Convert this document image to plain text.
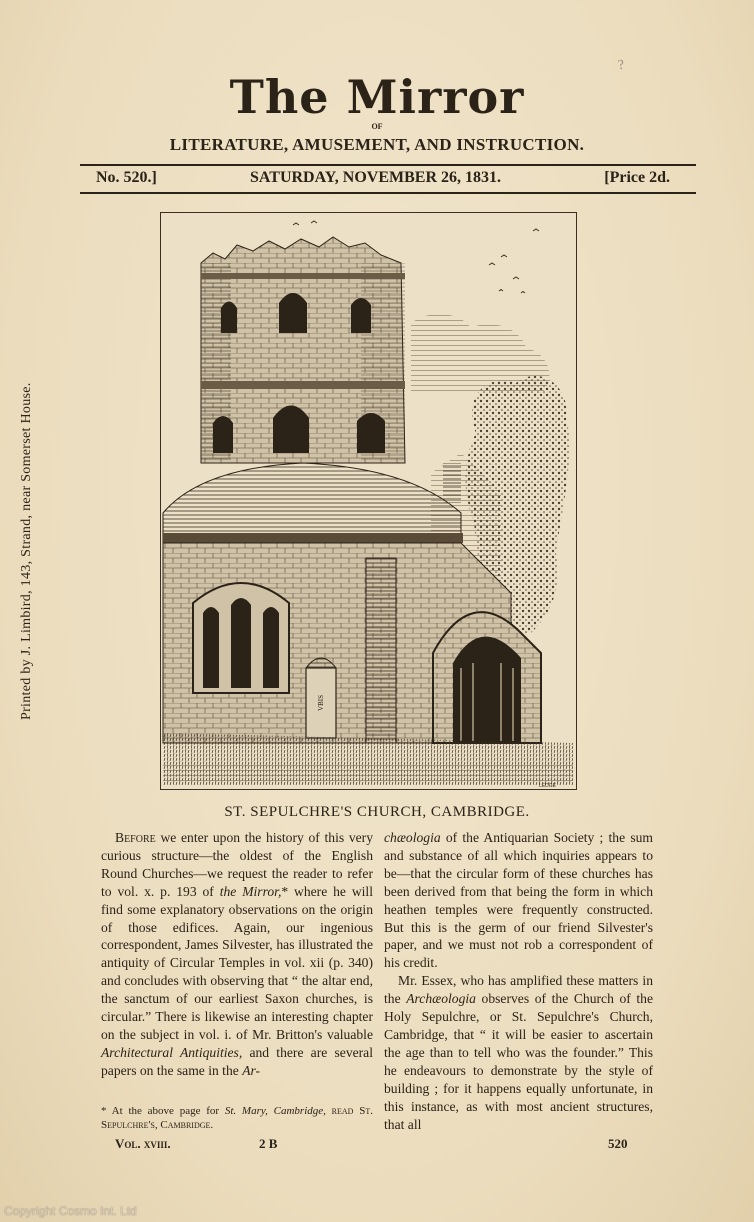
?
The Mirror
OF
LITERATURE, AMUSEMENT, AND INSTRUCTION.
No. 520.]	SATURDAY, NOVEMBER 26, 1831.	[Price 2d.
Printed by J. Limbird, 143, Strand, near Somerset House.	VBIS
LEDGE
ST. SEPULCHRE'S CHURCH, CAMBRIDGE.

Before we enter upon the history of this very curious structure—the oldest of the English Round Churches—we request the reader to refer to vol. x. p. 193 of the Mirror,* where he will find some explanatory observations on the origin of those edifices. Again, our ingenious correspondent, James Silvester, has illustrated the antiquity of Circular Temples in vol. xii (p. 340) and concludes with observing that “ the altar end, the sanctum of our earliest Saxon churches, is circular.” There is likewise an interesting chapter on the subject in vol. i. of Mr. Britton's valuable Architectural Antiquities, and there are several papers on the same in the Ar-

chæologia of the Antiquarian Society ; the sum and substance of all which inquiries appears to be—that the circular form of these churches has been derived from that being the form in which heathen temples were frequently constructed. But this is the germ of our friend Silvester's paper, and we must not rob a correspondent of his credit.

Mr. Essex, who has amplified these matters in the Archæologia observes of the Church of the Holy Sepulchre, or St. Sepulchre's Church, Cambridge, that “ it will be easier to ascertain the age than to tell who was the founder.” This he endeavours to demonstrate by the style of building ; for it happens equally unfortunate, in this instance, as with most ancient structures, that all

* At the above page for St. Mary, Cambridge, read St. Sepulchre's, Cambridge.
Vol. xviii.	2 B	520
Copyright Cosmo Int. Ltd
